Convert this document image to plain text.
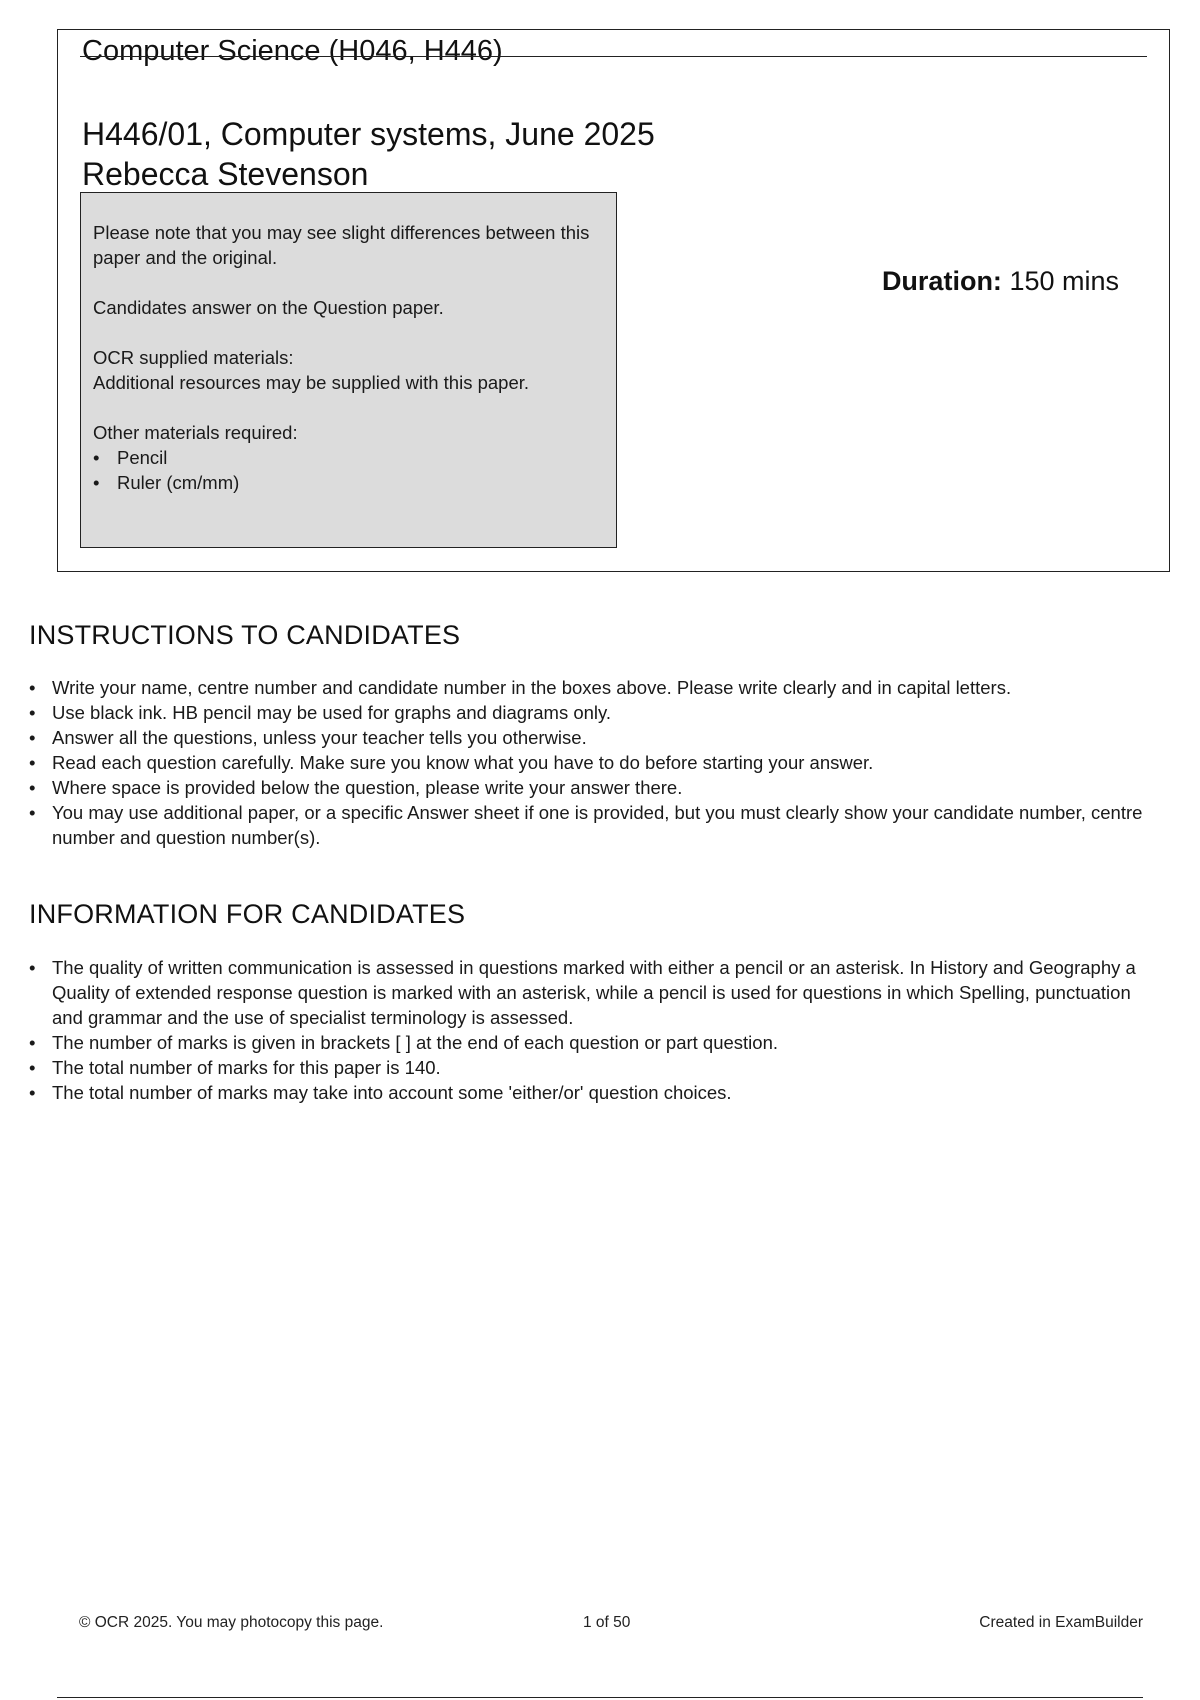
Computer Science (H046, H446)
H446/01, Computer systems, June 2025
Rebecca Stevenson

Please note that you may see slight differences between this paper and the original.

Candidates answer on the Question paper.

OCR supplied materials:

Additional resources may be supplied with this paper.

Other materials required:
• Pencil
• Ruler (cm/mm)
Duration: 150 mins
INSTRUCTIONS TO CANDIDATES
• Write your name, centre number and candidate number in the boxes above. Please write clearly and in capital letters.
• Use black ink. HB pencil may be used for graphs and diagrams only.
• Answer all the questions, unless your teacher tells you otherwise.
• Read each question carefully. Make sure you know what you have to do before starting your answer.
• Where space is provided below the question, please write your answer there.
• You may use additional paper, or a specific Answer sheet if one is provided, but you must clearly show your candidate number, centre number and question number(s).
INFORMATION FOR CANDIDATES
• The quality of written communication is assessed in questions marked with either a pencil or an asterisk. In History and Geography a Quality of extended response question is marked with an asterisk, while a pencil is used for questions in which Spelling, punctuation and grammar and the use of specialist terminology is assessed.
• The number of marks is given in brackets [ ] at the end of each question or part question.
• The total number of marks for this paper is 140.
• The total number of marks may take into account some 'either/or' question choices.
© OCR 2025. You may photocopy this page.	1 of 50	Created in ExamBuilder
